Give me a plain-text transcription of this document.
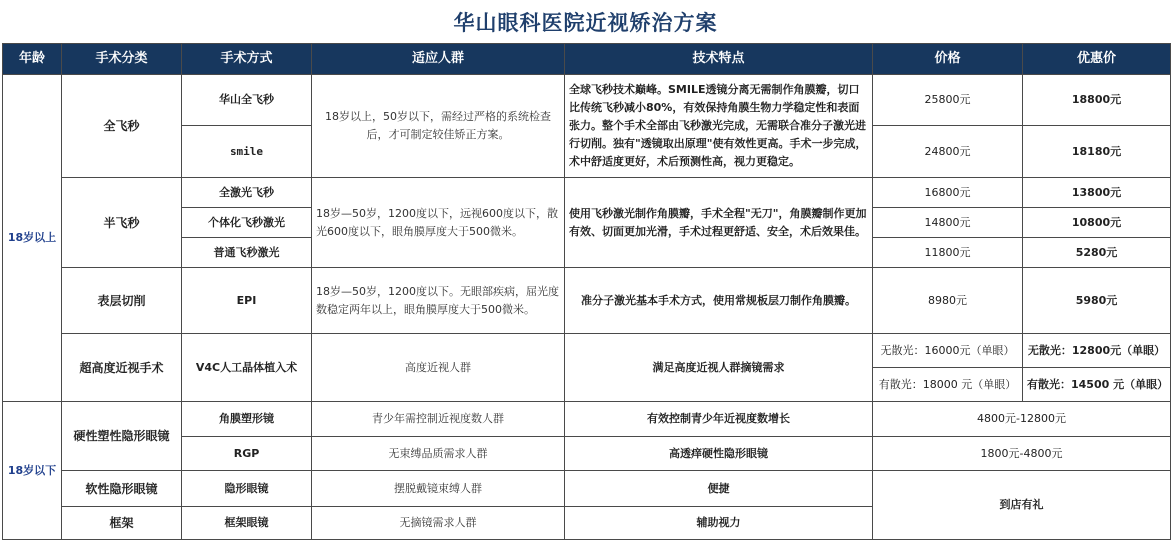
华山眼科医院近视矫治方案
年龄	手术分类	手术方式	适应人群	技术特点	价格	优惠价
18岁以上	全飞秒	华山全飞秒	18岁以上，50岁以下，需经过严格的系统检查后，才可制定较佳矫正方案。	全球飞秒技术巅峰。SMILE透镜分离无需制作角膜瓣，切口比传统飞秒减小80%，有效保持角膜生物力学稳定性和表面张力。整个手术全部由飞秒激光完成，无需联合准分子激光进行切削。独有"透镜取出原理"使有效性更高。手术一步完成，术中舒适度更好，术后预测性高，视力更稳定。	25800元	18800元
		smile			24800元	18180元
	半飞秒	全激光飞秒	18岁—50岁，1200度以下，远视600度以下，散光600度以下，眼角膜厚度大于500微米。	使用飞秒激光制作角膜瓣，手术全程"无刀"，角膜瓣制作更加有效、切面更加光滑，手术过程更舒适、安全，术后效果佳。	16800元	13800元
		个体化飞秒激光			14800元	10800元
		普通飞秒激光			11800元	5280元
	表层切削	EPI	18岁—50岁，1200度以下。无眼部疾病，屈光度数稳定两年以上，眼角膜厚度大于500微米。	准分子激光基本手术方式，使用常规板层刀制作角膜瓣。	8980元	5980元
	超高度近视手术	V4C人工晶体植入术	高度近视人群	满足高度近视人群摘镜需求	无散光：16000元（单眼）	无散光：12800元（单眼）
					有散光：18000 元（单眼）	有散光：14500 元（单眼）
18岁以下	硬性塑性隐形眼镜	角膜塑形镜	青少年需控制近视度数人群	有效控制青少年近视度数增长	4800元-12800元	
		RGP	无束缚品质需求人群	高透痒硬性隐形眼镜	1800元-4800元	
	软性隐形眼镜	隐形眼镜	摆脱戴镜束缚人群	便捷	到店有礼	
	框架	框架眼镜	无摘镜需求人群	辅助视力		
